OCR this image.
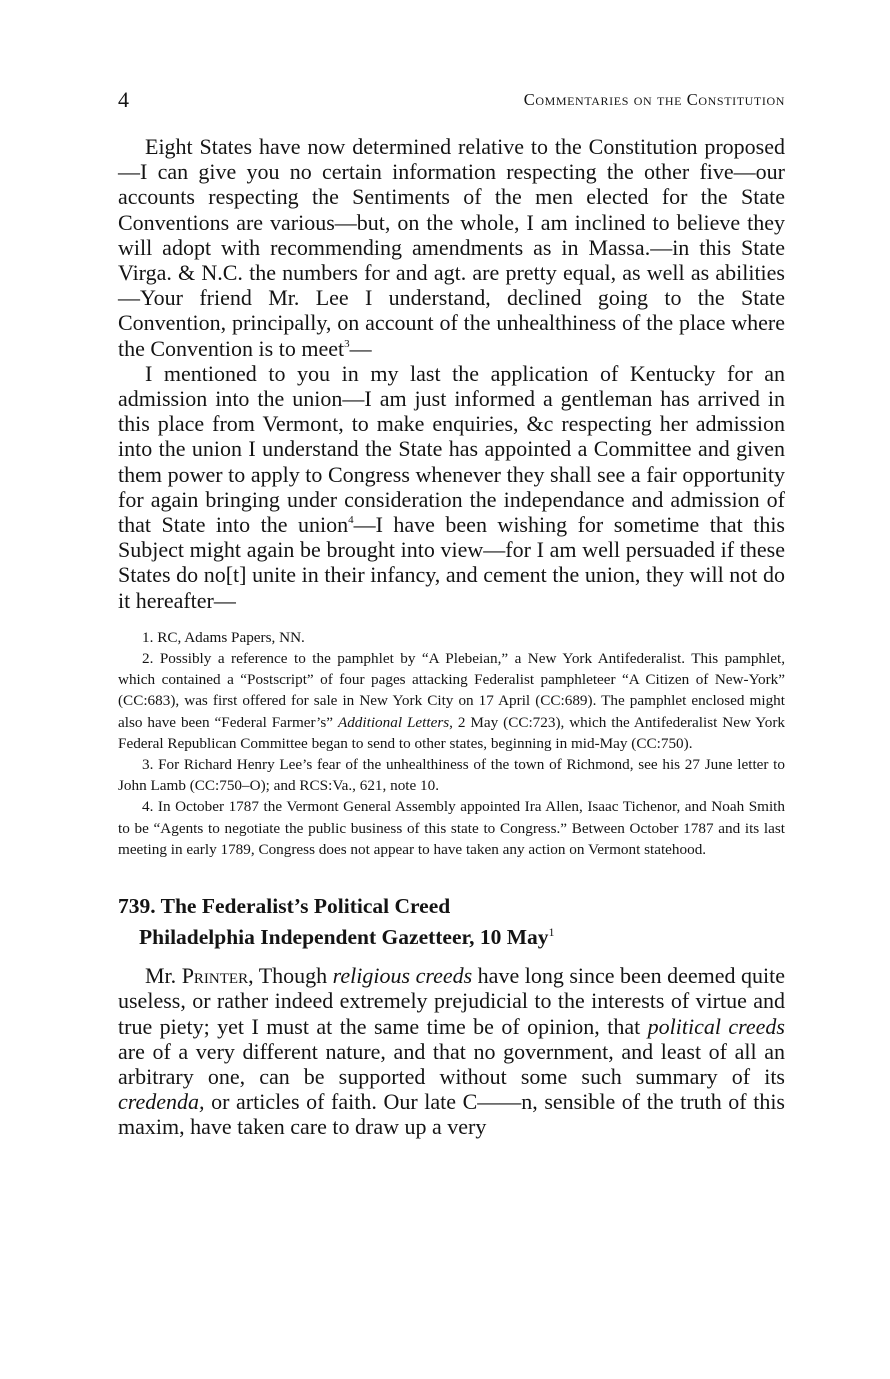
4	Commentaries on the Constitution

Eight States have now determined relative to the Constitution proposed—I can give you no certain information respecting the other five—our accounts respecting the Sentiments of the men elected for the State Conventions are various—but, on the whole, I am inclined to believe they will adopt with recommending amendments as in Massa.—in this State Virga. & N.C. the numbers for and agt. are pretty equal, as well as abilities—Your friend Mr. Lee I understand, declined going to the State Convention, principally, on account of the unhealthiness of the place where the Convention is to meet$^3$—

I mentioned to you in my last the application of Kentucky for an admission into the union—I am just informed a gentleman has arrived in this place from Vermont, to make enquiries, &c respecting her admission into the union I understand the State has appointed a Committee and given them power to apply to Congress whenever they shall see a fair opportunity for again bringing under consideration the independance and admission of that State into the union$^4$—I have been wishing for sometime that this Subject might again be brought into view—for I am well persuaded if these States do no[t] unite in their infancy, and cement the union, they will not do it hereafter—

1. RC, Adams Papers, NN.

2. Possibly a reference to the pamphlet by “A Plebeian,” a New York Antifederalist. This pamphlet, which contained a “Postscript” of four pages attacking Federalist pamphleteer “A Citizen of New-York” (CC:683), was first offered for sale in New York City on 17 April (CC:689). The pamphlet enclosed might also have been “Federal Farmer’s” Additional Letters, 2 May (CC:723), which the Antifederalist New York Federal Republican Committee began to send to other states, beginning in mid-May (CC:750).

3. For Richard Henry Lee’s fear of the unhealthiness of the town of Richmond, see his 27 June letter to John Lamb (CC:750–O); and RCS:Va., 621, note 10.

4. In October 1787 the Vermont General Assembly appointed Ira Allen, Isaac Tichenor, and Noah Smith to be “Agents to negotiate the public business of this state to Congress.” Between October 1787 and its last meeting in early 1789, Congress does not appear to have taken any action on Vermont statehood.

739. The Federalist’s Political Creed
Philadelphia Independent Gazetteer, 10 May$^1$

Mr. Printer, Though religious creeds have long since been deemed quite useless, or rather indeed extremely prejudicial to the interests of virtue and true piety; yet I must at the same time be of opinion, that political creeds are of a very different nature, and that no government, and least of all an arbitrary one, can be supported without some such summary of its credenda, or articles of faith. Our late C——n, sensible of the truth of this maxim, have taken care to draw up a very
